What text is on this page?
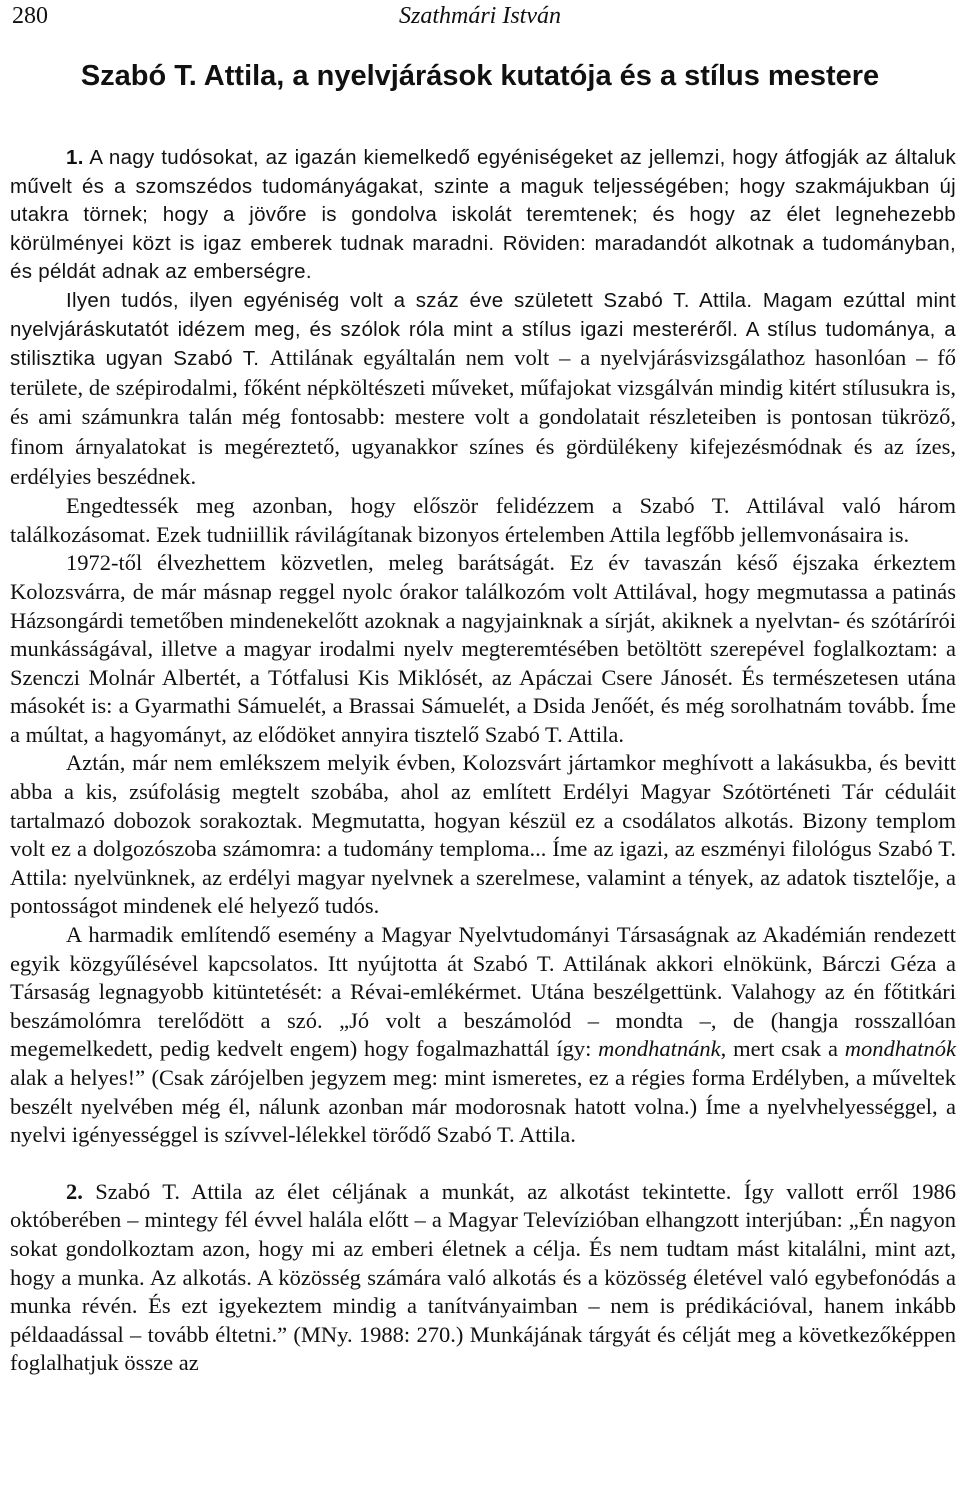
280	Szathmári István
Szabó T. Attila, a nyelvjárások kutatója és a stílus mestere

1. A nagy tudósokat, az igazán kiemelkedő egyéniségeket az jellemzi, hogy átfogják az általuk művelt és a szomszédos tudományágakat, szinte a maguk teljességében; hogy szakmájukban új utakra törnek; hogy a jövőre is gondolva iskolát teremtenek; és hogy az élet legnehezebb körülményei közt is igaz emberek tudnak maradni. Röviden: maradandót alkotnak a tudományban, és példát adnak az emberségre.

Ilyen tudós, ilyen egyéniség volt a száz éve született Szabó T. Attila. Magam ezúttal mint nyelvjáráskutatót idézem meg, és szólok róla mint a stílus igazi mesteréről. A stílus tudománya, a stilisztika ugyan Szabó T. Attilának egyáltalán nem volt – a nyelvjárásvizsgálathoz hasonlóan – fő területe, de szépirodalmi, főként népköltészeti műveket, műfajokat vizsgálván mindig kitért stílusukra is, és ami számunkra talán még fontosabb: mestere volt a gondolatait részleteiben is pontosan tükröző, finom árnyalatokat is megéreztető, ugyanakkor színes és gördülékeny kifejezésmódnak és az ízes, erdélyies beszédnek.

Engedtessék meg azonban, hogy először felidézzem a Szabó T. Attilával való három találkozásomat. Ezek tudniillik rávilágítanak bizonyos értelemben Attila legfőbb jellemvonásaira is.

1972-től élvezhettem közvetlen, meleg barátságát. Ez év tavaszán késő éjszaka érkeztem Kolozsvárra, de már másnap reggel nyolc órakor találkozóm volt Attilával, hogy megmutassa a patinás Házsongárdi temetőben mindenekelőtt azoknak a nagyjainknak a sírját, akiknek a nyelvtan- és szótárírói munkásságával, illetve a magyar irodalmi nyelv megteremtésében betöltött szerepével foglalkoztam: a Szenczi Molnár Albertét, a Tótfalusi Kis Miklósét, az Apáczai Csere Jánosét. És természetesen utána másokét is: a Gyarmathi Sámuelét, a Brassai Sámuelét, a Dsida Jenőét, és még sorolhatnám tovább. Íme a múltat, a hagyományt, az elődöket annyira tisztelő Szabó T. Attila.

Aztán, már nem emlékszem melyik évben, Kolozsvárt jártamkor meghívott a lakásukba, és bevitt abba a kis, zsúfolásig megtelt szobába, ahol az említett Erdélyi Magyar Szótörténeti Tár céduláit tartalmazó dobozok sorakoztak. Megmutatta, hogyan készül ez a csodálatos alkotás. Bizony templom volt ez a dolgozószoba számomra: a tudomány temploma... Íme az igazi, az eszményi filológus Szabó T. Attila: nyelvünknek, az erdélyi magyar nyelvnek a szerelmese, valamint a tények, az adatok tisztelője, a pontosságot mindenek elé helyező tudós.

A harmadik említendő esemény a Magyar Nyelvtudományi Társaságnak az Akadémián rendezett egyik közgyűlésével kapcsolatos. Itt nyújtotta át Szabó T. Attilának akkori elnökünk, Bárczi Géza a Társaság legnagyobb kitüntetését: a Révai-emlékérmet. Utána beszélgettünk. Valahogy az én főtitkári beszámolómra terelődött a szó. „Jó volt a beszámolód – mondta –, de (hangja rosszallóan megemelkedett, pedig kedvelt engem) hogy fogalmazhattál így: mondhatnánk, mert csak a mondhatnók alak a helyes!” (Csak zárójelben jegyzem meg: mint ismeretes, ez a régies forma Erdélyben, a műveltek beszélt nyelvében még él, nálunk azonban már modorosnak hatott volna.) Íme a nyelvhelyességgel, a nyelvi igényességgel is szívvel-lélekkel törődő Szabó T. Attila.

2. Szabó T. Attila az élet céljának a munkát, az alkotást tekintette. Így vallott erről 1986 októberében – mintegy fél évvel halála előtt – a Magyar Televízióban elhangzott interjúban: „Én nagyon sokat gondolkoztam azon, hogy mi az emberi életnek a célja. És nem tudtam mást kitalálni, mint azt, hogy a munka. Az alkotás. A közösség számára való alkotás és a közösség életével való egybefonódás a munka révén. És ezt igyekeztem mindig a tanítványaimban – nem is prédikációval, hanem inkább példaadással – tovább éltetni.” (MNy. 1988: 270.) Munkájának tárgyát és célját meg a következőképpen foglalhatjuk össze az
